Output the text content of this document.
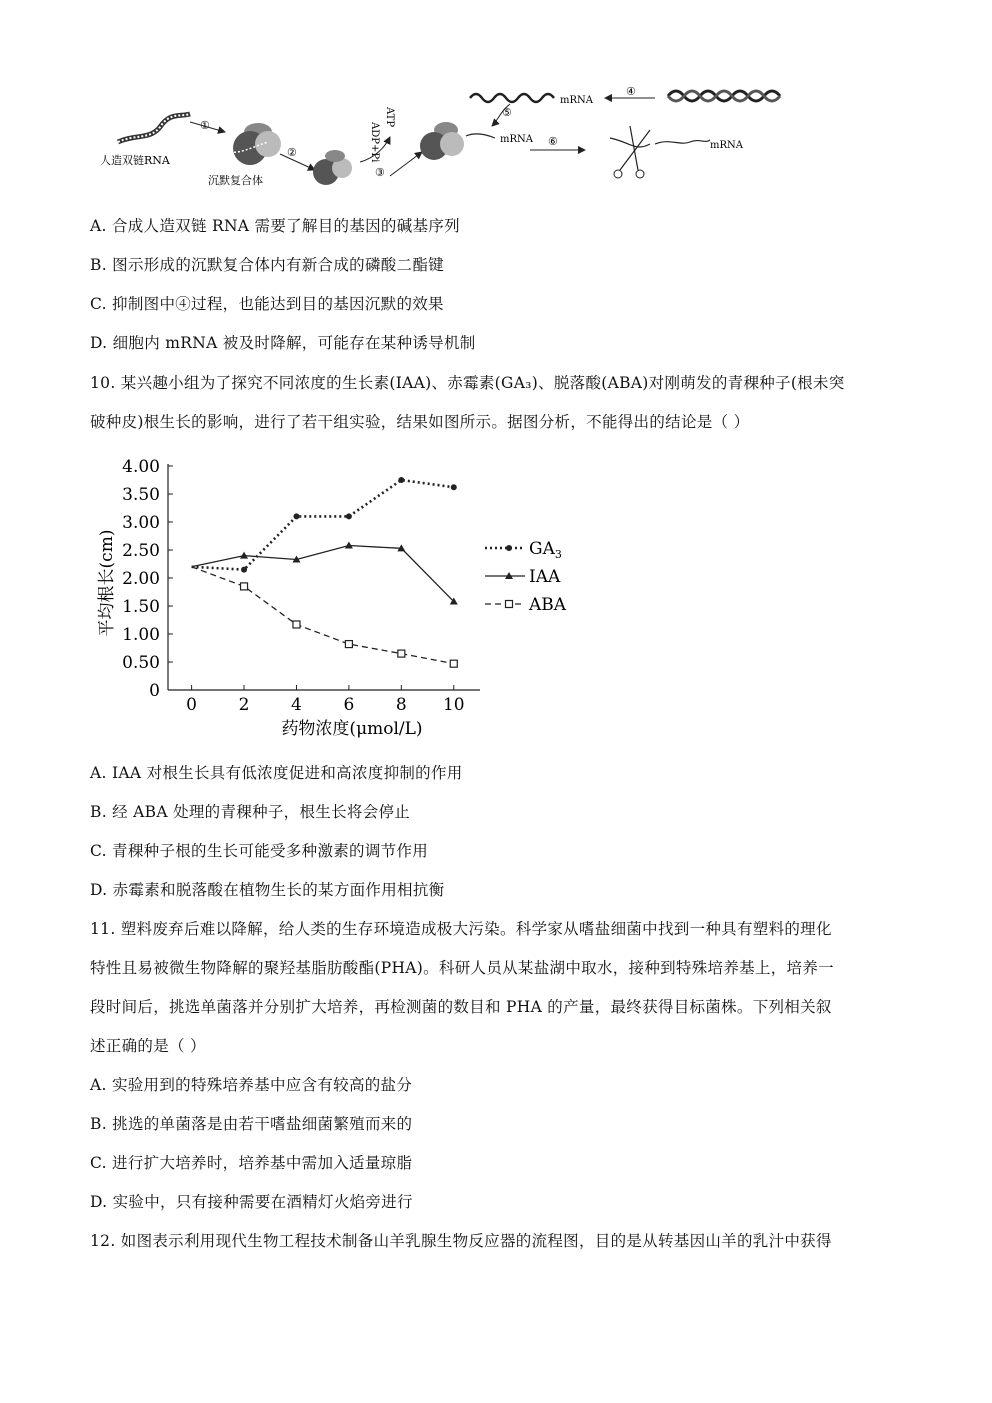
人造双链RNA
①
沉默复合体
②	ADP+Pi
ATP
③
mRNA
mRNA
④
⑤
⑥	mRNA
A. 合成人造双链 RNA 需要了解目的基因的碱基序列
B. 图示形成的沉默复合体内有新合成的磷酸二酯键
C. 抑制图中④过程，也能达到目的基因沉默的效果
D. 细胞内 mRNA 被及时降解，可能存在某种诱导机制
10. 某兴趣小组为了探究不同浓度的生长素(IAA)、赤霉素(GA₃)、脱落酸(ABA)对刚萌发的青稞种子(根未突
破种皮)根生长的影响，进行了若干组实验，结果如图所示。据图分析，不能得出的结论是（ ）
0
0.50
1.00
1.50
2.00
2.50
3.00
3.50
4.00
0 2 4 6 8 10
$GA_3$
IAA
ABA
药物浓度(μmol/L)
平均根长(cm)
A. IAA 对根生长具有低浓度促进和高浓度抑制的作用
B. 经 ABA 处理的青稞种子，根生长将会停止
C. 青稞种子根的生长可能受多种激素的调节作用
D. 赤霉素和脱落酸在植物生长的某方面作用相抗衡
11. 塑料废弃后难以降解，给人类的生存环境造成极大污染。科学家从嗜盐细菌中找到一种具有塑料的理化
特性且易被微生物降解的聚羟基脂肪酸酯(PHA)。科研人员从某盐湖中取水，接种到特殊培养基上，培养一
段时间后，挑选单菌落并分别扩大培养，再检测菌的数目和 PHA 的产量，最终获得目标菌株。下列相关叙
述正确的是（ ）
A. 实验用到的特殊培养基中应含有较高的盐分
B. 挑选的单菌落是由若干嗜盐细菌繁殖而来的
C. 进行扩大培养时，培养基中需加入适量琼脂
D. 实验中，只有接种需要在酒精灯火焰旁进行
12. 如图表示利用现代生物工程技术制备山羊乳腺生物反应器的流程图，目的是从转基因山羊的乳汁中获得
